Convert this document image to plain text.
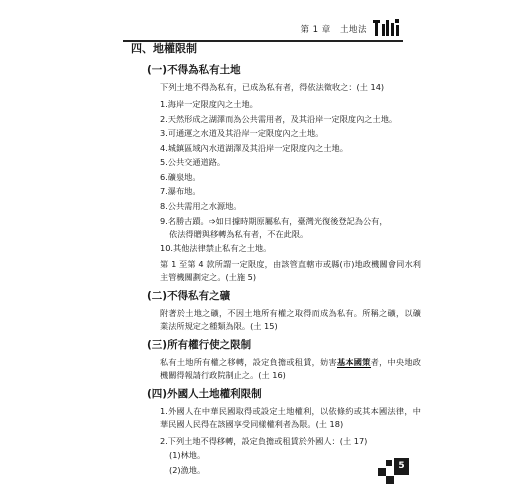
第 1 章 土地法
四、地權限制
(一)不得為私有土地
下列土地不得為私有，已成為私有者，得依法徵收之：(土 14)
1.海岸一定限度內之土地。
2.天然形成之湖澤而為公共需用者，及其沿岸一定限度內之土地。
3.可通運之水道及其沿岸一定限度內之土地。
4.城鎮區域內水道湖澤及其沿岸一定限度內之土地。
5.公共交通道路。
6.礦泉地。
7.瀑布地。
8.公共需用之水源地。
9.名勝古蹟。➩如日據時期原屬私有，臺灣光復後登記為公有，
依法得贈與移轉為私有者，不在此限。
10.其他法律禁止私有之土地。
第 1 至第 4 款所謂一定限度，由該管直轄市或縣(市)地政機關會同水利主管機關劃定之。(土施 5)
(二)不得私有之礦
附著於土地之礦，不因土地所有權之取得而成為私有。所稱之礦，以礦業法所規定之種類為限。(土 15)
(三)所有權行使之限制
私有土地所有權之移轉，設定負擔或租賃，妨害基本國策者，中央地政機關得報請行政院制止之。(土 16)
(四)外國人土地權利限制
1.外國人在中華民國取得或設定土地權利，以依條約或其本國法律，中華民國人民得在該國享受同樣權利者為限。(土 18)
2.下列土地不得移轉，設定負擔或租賃於外國人：(土 17)
(1)林地。
(2)漁地。	5
